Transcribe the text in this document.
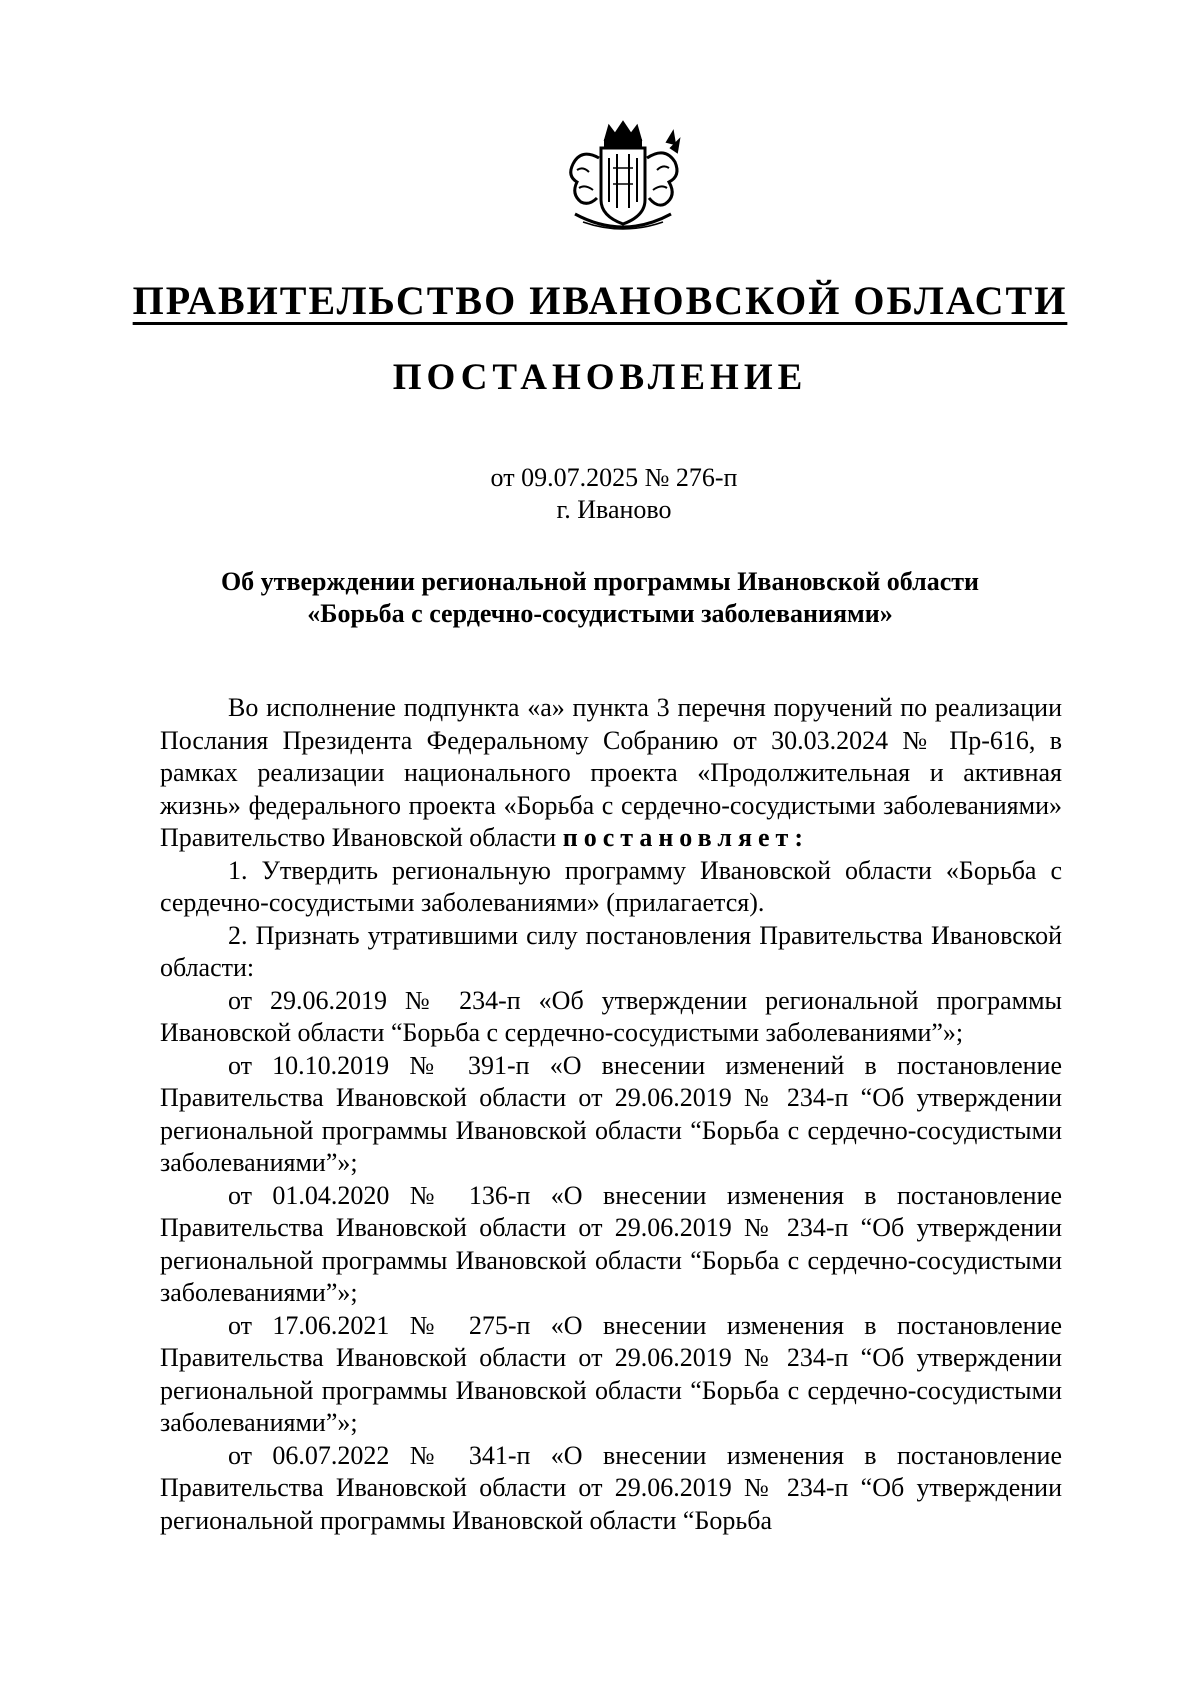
ПРАВИТЕЛЬСТВО ИВАНОВСКОЙ ОБЛАСТИ
ПОСТАНОВЛЕНИЕ
от 09.07.2025 № 276-п
г. Иваново
Об утверждении региональной программы Ивановской области
«Борьба с сердечно-сосудистыми заболеваниями»

Во исполнение подпункта «а» пункта 3 перечня поручений по реализации Послания Президента Федеральному Собранию от 30.03.2024 № Пр-616, в рамках реализации национального проекта «Продолжительная и активная жизнь» федерального проекта «Борьба с сердечно-сосудистыми заболеваниями» Правительство Ивановской области постановляет:

1. Утвердить региональную программу Ивановской области «Борьба с сердечно-сосудистыми заболеваниями» (прилагается).

2. Признать утратившими силу постановления Правительства Ивановской области:

от 29.06.2019 № 234-п «Об утверждении региональной программы Ивановской области “Борьба с сердечно-сосудистыми заболеваниями”»;

от 10.10.2019 № 391-п «О внесении изменений в постановление Правительства Ивановской области от 29.06.2019 № 234-п “Об утверждении региональной программы Ивановской области “Борьба с сердечно-сосудистыми заболеваниями”»;

от 01.04.2020 № 136-п «О внесении изменения в постановление Правительства Ивановской области от 29.06.2019 № 234-п “Об утверждении региональной программы Ивановской области “Борьба с сердечно-сосудистыми заболеваниями”»;

от 17.06.2021 № 275-п «О внесении изменения в постановление Правительства Ивановской области от 29.06.2019 № 234-п “Об утверждении региональной программы Ивановской области “Борьба с сердечно-сосудистыми заболеваниями”»;

от 06.07.2022 № 341-п «О внесении изменения в постановление Правительства Ивановской области от 29.06.2019 № 234-п “Об утверждении региональной программы Ивановской области “Борьба
